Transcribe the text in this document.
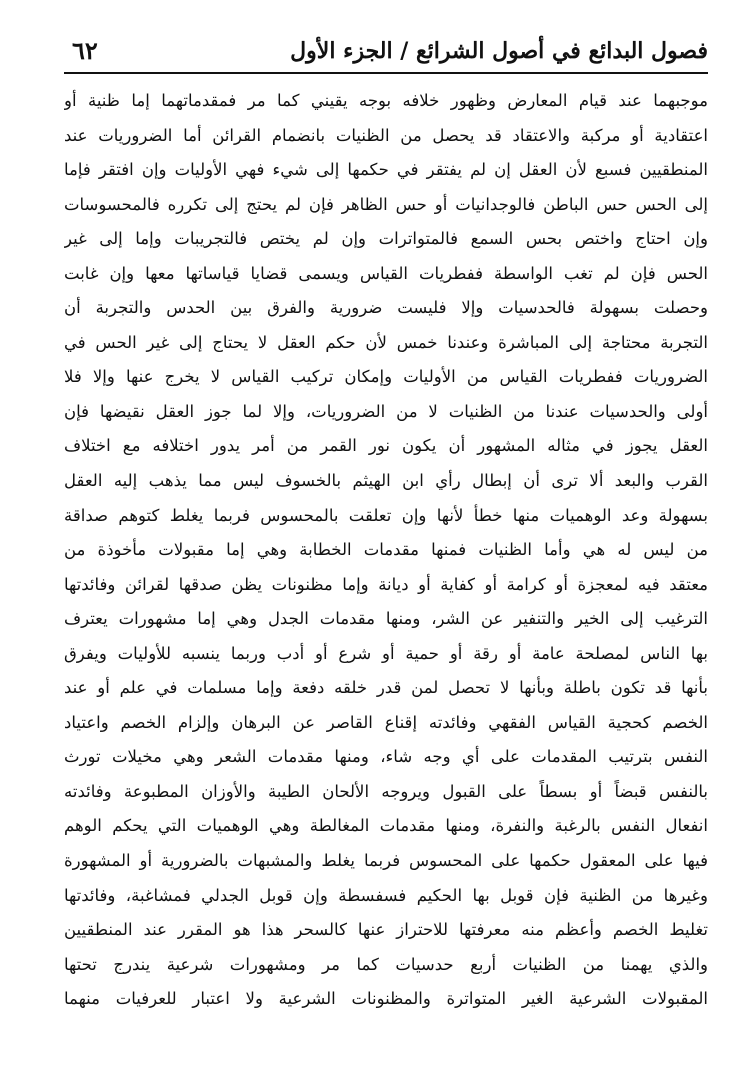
فصول البدائع في أصول الشرائع / الجزء الأول
٦٢
موجبهما عند قيام المعارض وظهور خلافه بوجه يقيني كما مر فمقدماتهما إما ظنية أو
اعتقادية أو مركبة والاعتقاد قد يحصل من الظنيات بانضمام القرائن أما الضروريات عند
المنطقيين فسبع لأن العقل إن لم يفتقر في حكمها إلى شيء فهي الأوليات وإن افتقر فإما
إلى الحس حس الباطن فالوجدانيات أو حس الظاهر فإن لم يحتج إلى تكرره فالمحسوسات
وإن احتاج واختص بحس السمع فالمتواترات وإن لم يختص فالتجريبات وإما إلى غير
الحس فإن لم تغب الواسطة ففطريات القياس ويسمى قضايا قياساتها معها وإن غابت
وحصلت بسهولة فالحدسيات وإلا فليست ضرورية والفرق بين الحدس والتجربة أن
التجربة محتاجة إلى المباشرة وعندنا خمس لأن حكم العقل لا يحتاج إلى غير الحس في
الضروريات ففطريات القياس من الأوليات وإمكان تركيب القياس لا يخرج عنها وإلا فلا
أولى والحدسيات عندنا من الظنيات لا من الضروريات، وإلا لما جوز العقل نقيضها فإن
العقل يجوز في مثاله المشهور أن يكون نور القمر من أمر يدور اختلافه مع اختلاف
القرب والبعد ألا ترى أن إبطال رأي ابن الهيثم بالخسوف ليس مما يذهب إليه العقل
بسهولة وعد الوهميات منها خطأ لأنها وإن تعلقت بالمحسوس فربما يغلط كتوهم صداقة
من ليس له هي وأما الظنيات فمنها مقدمات الخطابة وهي إما مقبولات مأخوذة من
معتقد فيه لمعجزة أو كرامة أو كفاية أو ديانة وإما مظنونات يظن صدقها لقرائن وفائدتها
الترغيب إلى الخير والتنفير عن الشر، ومنها مقدمات الجدل وهي إما مشهورات يعترف
بها الناس لمصلحة عامة أو رقة أو حمية أو شرع أو أدب وربما ينسبه للأوليات ويفرق
بأنها قد تكون باطلة وبأنها لا تحصل لمن قدر خلقه دفعة وإما مسلمات في علم أو عند
الخصم كحجية القياس الفقهي وفائدته إقناع القاصر عن البرهان وإلزام الخصم واعتياد
النفس بترتيب المقدمات على أي وجه شاء، ومنها مقدمات الشعر وهي مخيلات تورث
بالنفس قبضاً أو بسطاً على القبول ويروجه الألحان الطيبة والأوزان المطبوعة وفائدته
انفعال النفس بالرغبة والنفرة، ومنها مقدمات المغالطة وهي الوهميات التي يحكم الوهم
فيها على المعقول حكمها على المحسوس فربما يغلط والمشبهات بالضرورية أو المشهورة
وغيرها من الظنية فإن قوبل بها الحكيم فسفسطة وإن قوبل الجدلي فمشاغبة، وفائدتها
تغليط الخصم وأعظم منه معرفتها للاحتراز عنها كالسحر هذا هو المقرر عند المنطقيين
والذي يهمنا من الظنيات أربع حدسيات كما مر ومشهورات شرعية يندرج تحتها
المقبولات الشرعية الغير المتواترة والمظنونات الشرعية ولا اعتبار للعرفيات منهما
